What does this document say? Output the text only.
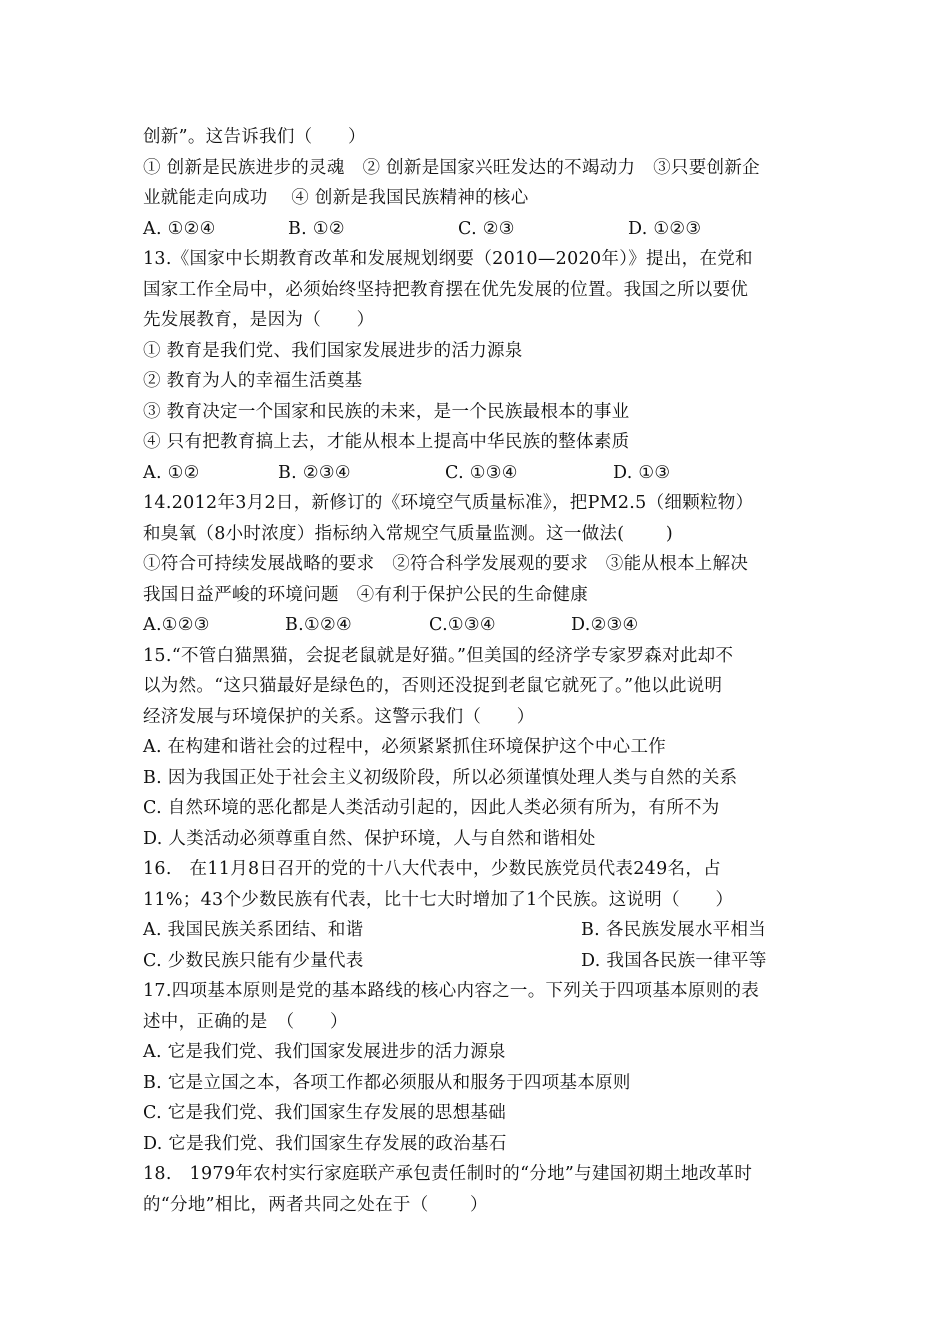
创新”。这告诉我们（　　）
① 创新是民族进步的灵魂　② 创新是国家兴旺发达的不竭动力　③只要创新企
业就能走向成功　 ④ 创新是我国民族精神的核心
A. ①②④	B. ①②	C. ②③	D. ①②③
13.《国家中长期教育改革和发展规划纲要（2010—2020年）》提出，在党和
国家工作全局中，必须始终坚持把教育摆在优先发展的位置。我国之所以要优
先发展教育，是因为（　　）
① 教育是我们党、我们国家发展进步的活力源泉
② 教育为人的幸福生活奠基
③ 教育决定一个国家和民族的未来，是一个民族最根本的事业
④ 只有把教育搞上去，才能从根本上提高中华民族的整体素质
A. ①②	B. ②③④	C. ①③④	D. ①③
14.2012年3月2日，新修订的《环境空气质量标准》，把PM2.5（细颗粒物）
和臭氧（8小时浓度）指标纳入常规空气质量监测。这一做法(　　 )
①符合可持续发展战略的要求　②符合科学发展观的要求　③能从根本上解决
我国日益严峻的环境问题　④有利于保护公民的生命健康
A.①②③	B.①②④	C.①③④	D.②③④
15.“不管白猫黑猫，会捉老鼠就是好猫。”但美国的经济学专家罗森对此却不
以为然。“这只猫最好是绿色的，否则还没捉到老鼠它就死了。”他以此说明
经济发展与环境保护的关系。这警示我们（　　）
A. 在构建和谐社会的过程中，必须紧紧抓住环境保护这个中心工作
B. 因为我国正处于社会主义初级阶段，所以必须谨慎处理人类与自然的关系
C. 自然环境的恶化都是人类活动引起的，因此人类必须有所为，有所不为
D. 人类活动必须尊重自然、保护环境，人与自然和谐相处
16.　在11月8日召开的党的十八大代表中，少数民族党员代表249名，占
11%；43个少数民族有代表，比十七大时增加了1个民族。这说明（　　）
A. 我国民族关系团结、和谐	B. 各民族发展水平相当
C. 少数民族只能有少量代表	D. 我国各民族一律平等
17.四项基本原则是党的基本路线的核心内容之一。下列关于四项基本原则的表
述中，正确的是　（　　）
A. 它是我们党、我们国家发展进步的活力源泉
B. 它是立国之本，各项工作都必须服从和服务于四项基本原则
C. 它是我们党、我们国家生存发展的思想基础
D. 它是我们党、我们国家生存发展的政治基石
18.　1979年农村实行家庭联产承包责任制时的“分地”与建国初期土地改革时
的“分地”相比，两者共同之处在于（　　 ）
